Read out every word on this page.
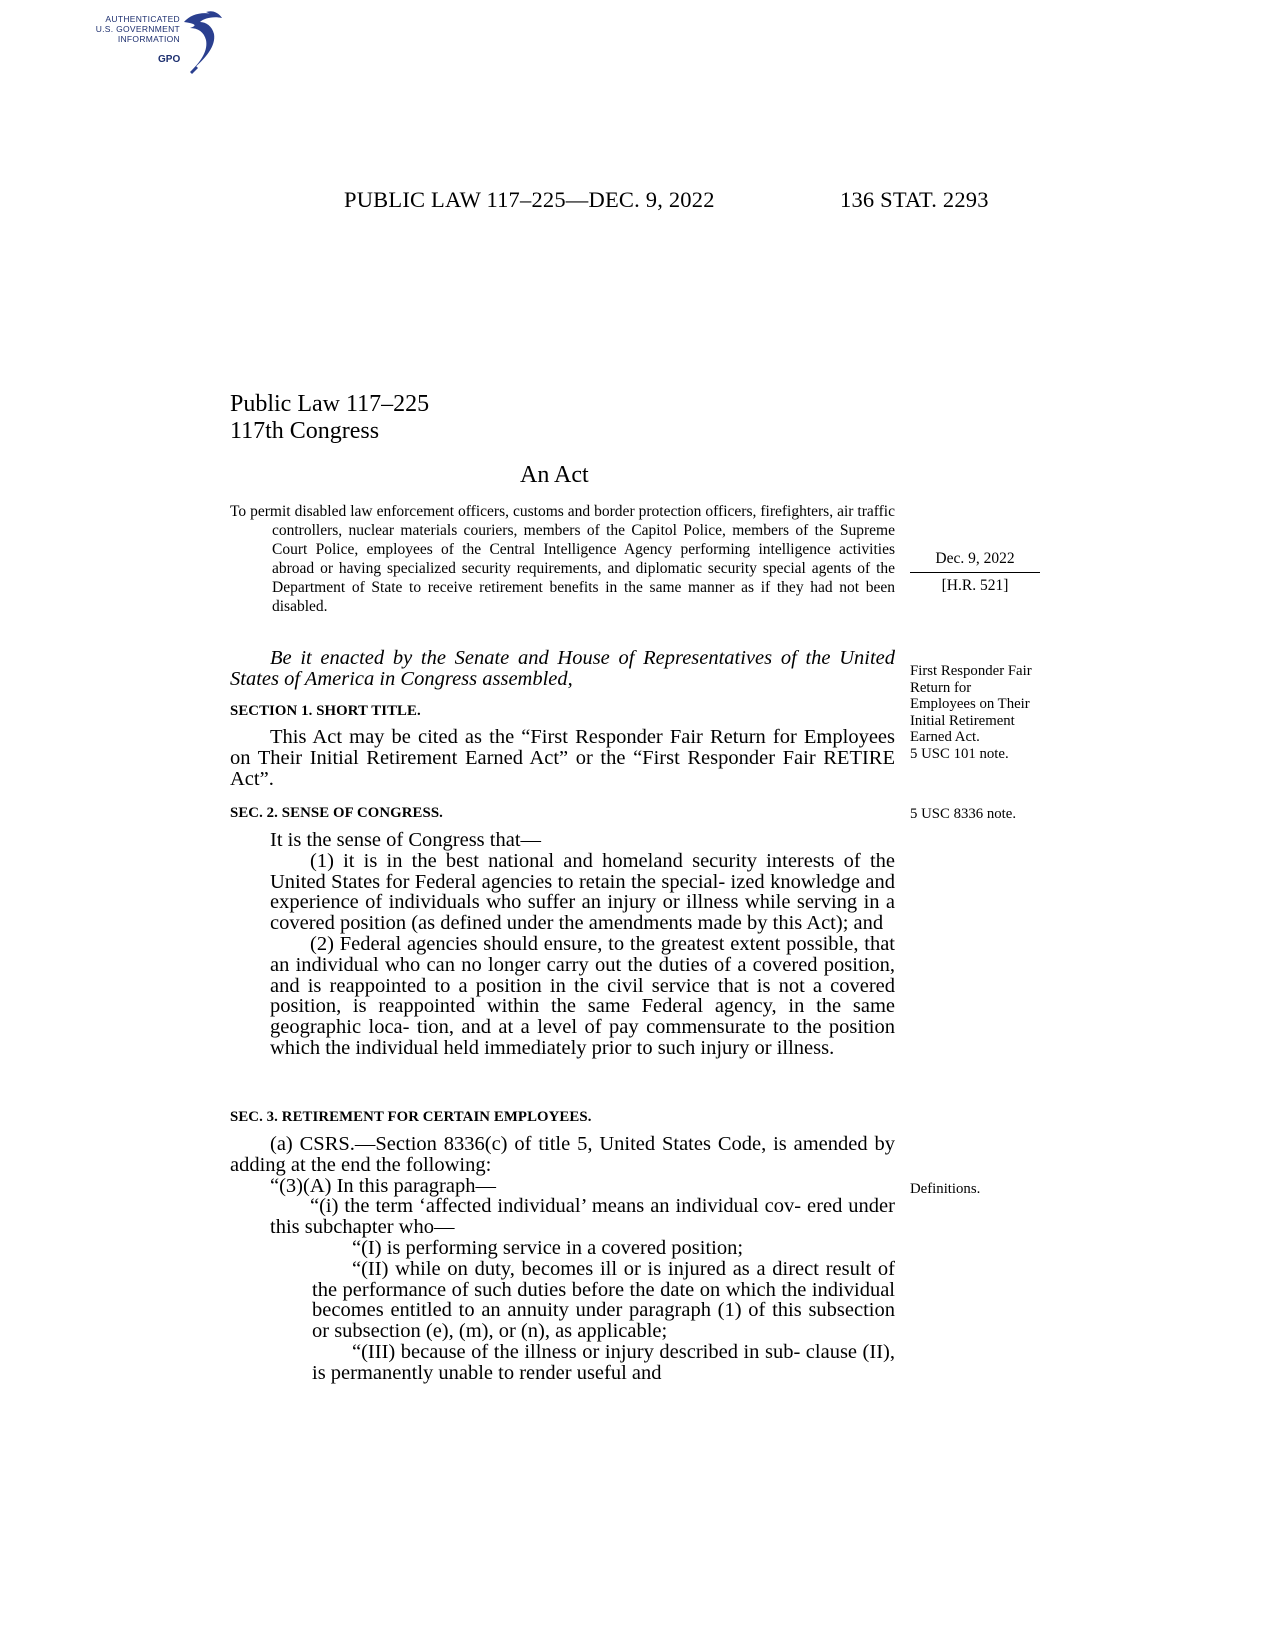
AUTHENTICATED
U.S. GOVERNMENT
INFORMATION
GPO
PUBLIC LAW 117–225—DEC. 9, 2022	136 STAT. 2293
Public Law 117–225
117th Congress
An Act

To permit disabled law enforcement officers, customs and border protection officers, firefighters, air traffic controllers, nuclear materials couriers, members of the Capitol Police, members of the Supreme Court Police, employees of the Central Intelligence Agency performing intelligence activities abroad or having specialized security requirements, and diplomatic security special agents of the Department of State to receive retirement benefits in the same manner as if they had not been disabled.

Dec. 9, 2022
[H.R. 521]

Be it enacted by the Senate and House of Representatives of the United States of America in Congress assembled,

SECTION 1. SHORT TITLE.

This Act may be cited as the “First Responder Fair Return for Employees on Their Initial Retirement Earned Act” or the “First Responder Fair RETIRE Act”.

SEC. 2. SENSE OF CONGRESS.

It is the sense of Congress that—

(1) it is in the best national and homeland security interests of the United States for Federal agencies to retain the special- ized knowledge and experience of individuals who suffer an injury or illness while serving in a covered position (as defined under the amendments made by this Act); and

(2) Federal agencies should ensure, to the greatest extent possible, that an individual who can no longer carry out the duties of a covered position, and is reappointed to a position in the civil service that is not a covered position, is reappointed within the same Federal agency, in the same geographic loca- tion, and at a level of pay commensurate to the position which the individual held immediately prior to such injury or illness.

SEC. 3. RETIREMENT FOR CERTAIN EMPLOYEES.

(a) CSRS.—Section 8336(c) of title 5, United States Code, is amended by adding at the end the following:

“(3)(A) In this paragraph—

“(i) the term ‘affected individual’ means an individual cov- ered under this subchapter who—

“(I) is performing service in a covered position;

“(II) while on duty, becomes ill or is injured as a direct result of the performance of such duties before the date on which the individual becomes entitled to an annuity under paragraph (1) of this subsection or subsection (e), (m), or (n), as applicable;

“(III) because of the illness or injury described in sub- clause (II), is permanently unable to render useful and

First Responder Fair Return for Employees on Their Initial Retirement Earned Act.
5 USC 101 note.
5 USC 8336 note.
Definitions.
